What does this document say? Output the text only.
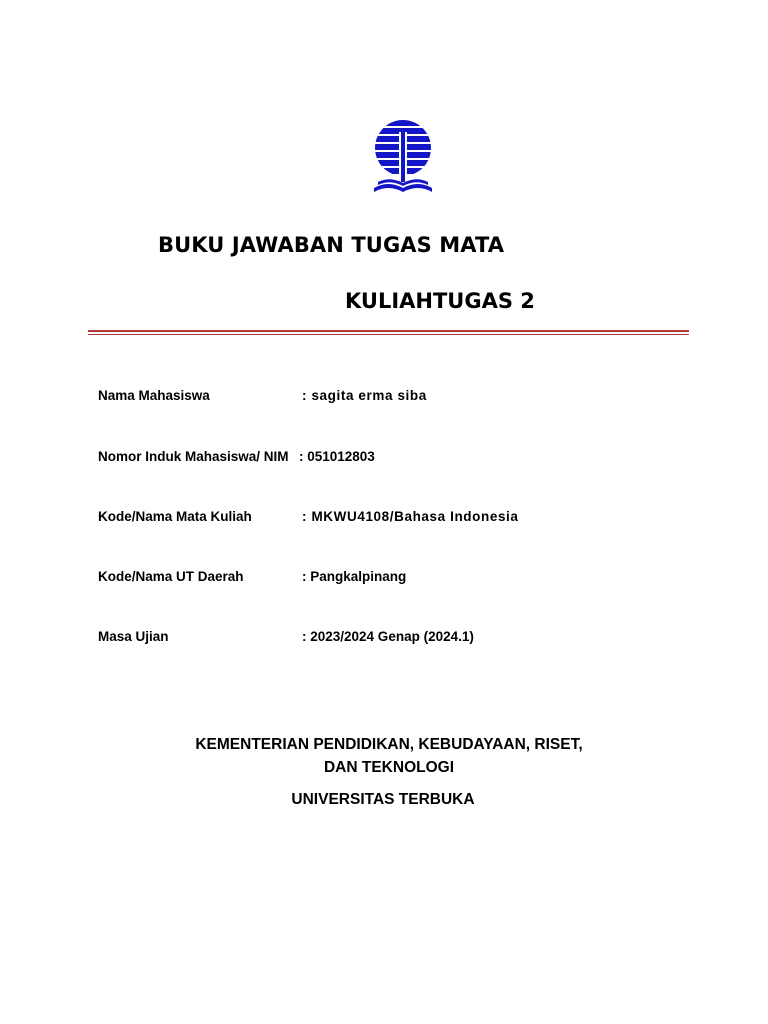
BUKU JAWABAN TUGAS MATA
KULIAHTUGAS 2
Nama Mahasiswa	: sagita erma siba
Nomor Induk Mahasiswa/ NIM : 051012803
Kode/Nama Mata Kuliah	: MKWU4108/Bahasa Indonesia
Kode/Nama UT Daerah	: Pangkalpinang
Masa Ujian	: 2023/2024 Genap (2024.1)
KEMENTERIAN PENDIDIKAN, KEBUDAYAAN, RISET, DAN TEKNOLOGI
UNIVERSITAS TERBUKA
